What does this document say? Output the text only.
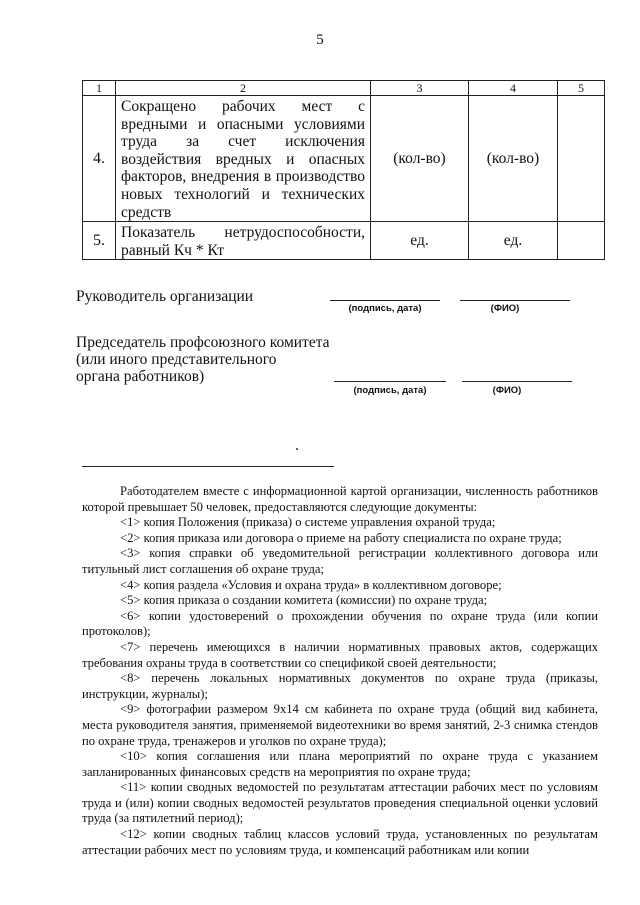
5
1	2	3	4	5
4.	Сокращено рабочих мест с вредными и опасными условиями труда за счет исключения воздействия вредных и опасных факторов, внедрения в производство новых технологий и технических средств	(кол-во)	(кол-во)	
5.	Показатель нетрудоспособности, равный Кч * Кт	ед.	ед.	
Руководитель организации
(подпись, дата)	(ФИО)
Председатель профсоюзного комитета
(или иного представительного
органа работников)
(подпись, дата)	(ФИО)

Работодателем вместе с информационной картой организации, численность работников которой превышает 50 человек, предоставляются следующие документы:

<1> копия Положения (приказа) о системе управления охраной труда;

<2> копия приказа или договора о приеме на работу специалиста по охране труда;

<3> копия справки об уведомительной регистрации коллективного договора или титульный лист соглашения об охране труда;

<4> копия раздела «Условия и охрана труда» в коллективном договоре;

<5> копия приказа о создании комитета (комиссии) по охране труда;

<6> копии удостоверений о прохождении обучения по охране труда (или копии протоколов);

<7> перечень имеющихся в наличии нормативных правовых актов, содержащих требования охраны труда в соответствии со спецификой своей деятельности;

<8> перечень локальных нормативных документов по охране труда (приказы, инструкции, журналы);

<9> фотографии размером 9х14 см кабинета по охране труда (общий вид кабинета, места руководителя занятия, применяемой видеотехники во время занятий, 2-3 снимка стендов по охране труда, тренажеров и уголков по охране труда);

<10> копия соглашения или плана мероприятий по охране труда с указанием запланированных финансовых средств на мероприятия по охране труда;

<11> копии сводных ведомостей по результатам аттестации рабочих мест по условиям труда и (или) копии сводных ведомостей результатов проведения специальной оценки условий труда (за пятилетний период);

<12> копии сводных таблиц классов условий труда, установленных по результатам аттестации рабочих мест по условиям труда, и компенсаций работникам или копии
